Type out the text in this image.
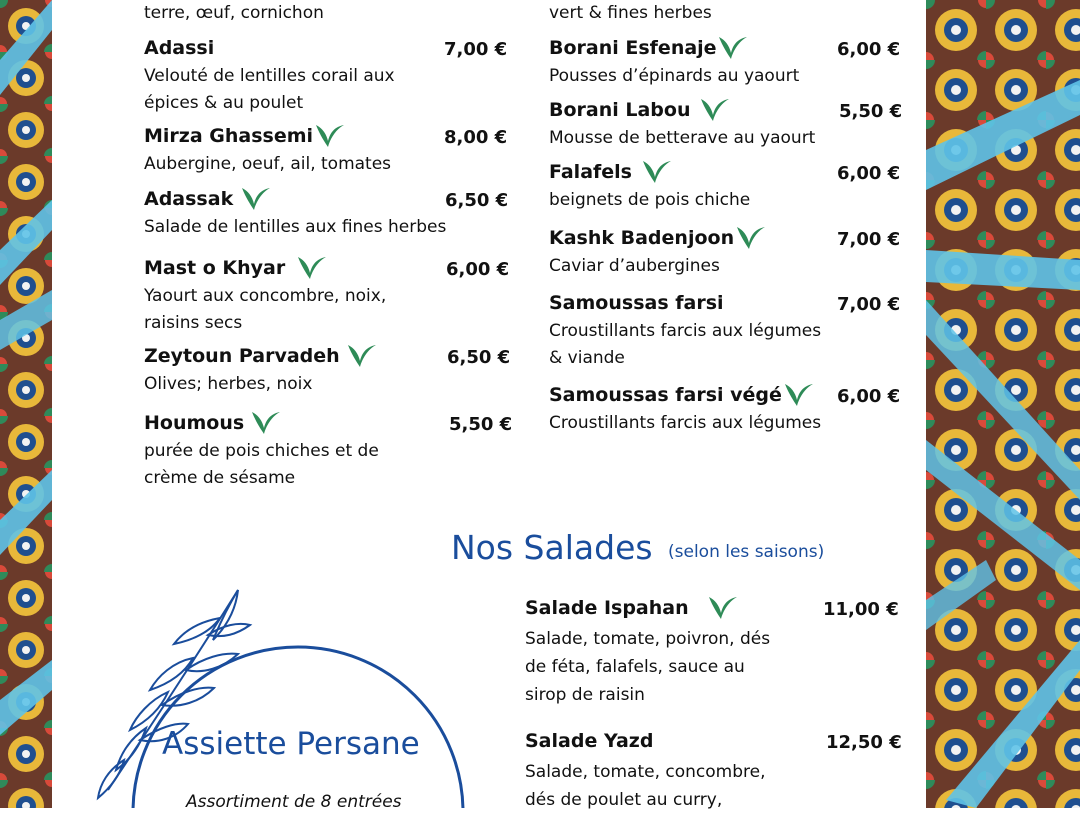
terre, œuf, cornichon	vert & fines herbes
Adassi	7,00 €
Velouté de lentilles corail aux
épices & au poulet
Mirza Ghassemi	8,00 €
Aubergine, oeuf, ail, tomates
Adassak	6,50 €
Salade de lentilles aux fines herbes
Mast o Khyar	6,00 €
Yaourt aux concombre, noix,
raisins secs
Zeytoun Parvadeh	6,50 €
Olives; herbes, noix
Houmous	5,50 €
purée de pois chiches et de
crème de sésame
Borani Esfenaje	6,00 €
Pousses d’épinards au yaourt
Borani Labou	5,50 €
Mousse de betterave au yaourt
Falafels	6,00 €
beignets de pois chiche
Kashk Badenjoon	7,00 €
Caviar d’aubergines
Samoussas farsi	7,00 €
Croustillants farcis aux légumes
& viande
Samoussas farsi végé	6,00 €
Croustillants farcis aux légumes
Nos Salades (selon les saisons)
Salade Ispahan	11,00 €
Salade, tomate, poivron, dés
de féta, falafels, sauce au
sirop de raisin
Salade Yazd	12,50 €
Salade, tomate, concombre,
dés de poulet au curry,
Assiette Persane
Assortiment de 8 entrées
